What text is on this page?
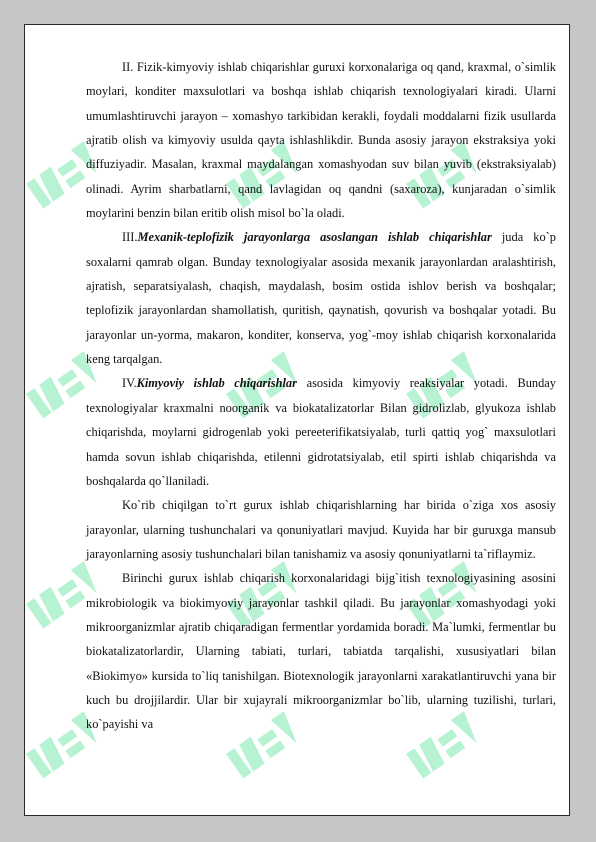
II. Fizik-kimyoviy ishlab chiqarishlar guruxi korxonalariga oq qand, kraxmal, o`simlik moylari, konditer maxsulotlari va boshqa ishlab chiqarish texnologiyalari kiradi. Ularni umumlashtiruvchi jarayon – xomashyo tarkibidan kerakli, foydali moddalarni fizik usullarda ajratib olish va kimyoviy usulda qayta ishlashlikdir. Bunda asosiy jarayon ekstraksiya yoki diffuziyadir. Masalan, kraxmal maydalangan xomashyodan suv bilan yuvib (ekstraksiyalab) olinadi. Ayrim sharbatlarni, qand lavlagidan oq qandni (saxaroza), kunjaradan o`simlik moylarini benzin bilan eritib olish misol bo`la oladi.

III.Mexanik-teplofizik jarayonlarga asoslangan ishlab chiqarishlar juda ko`p soxalarni qamrab olgan. Bunday texnologiyalar asosida mexanik jarayonlardan aralashtirish, ajratish, separatsiyalash, chaqish, maydalash, bosim ostida ishlov berish va boshqalar; teplofizik jarayonlardan shamollatish, quritish, qaynatish, qovurish va boshqalar yotadi. Bu jarayonlar un-yorma, makaron, konditer, konserva, yog`-moy ishlab chiqarish korxonalarida keng tarqalgan.

IV.Kimyoviy ishlab chiqarishlar asosida kimyoviy reaksiyalar yotadi. Bunday texnologiyalar kraxmalni noorganik va biokatalizatorlar Bilan gidrolizlab, glyukoza ishlab chiqarishda, moylarni gidrogenlab yoki pereeterifikatsiyalab, turli qattiq yog` maxsulotlari hamda sovun ishlab chiqarishda, etilenni gidrotatsiyalab, etil spirti ishlab chiqarishda va boshqalarda qo`llaniladi.

Ko`rib chiqilgan to`rt gurux ishlab chiqarishlarning har birida o`ziga xos asosiy jarayonlar, ularning tushunchalari va qonuniyatlari mavjud. Kuyida har bir guruxga mansub jarayonlarning asosiy tushunchalari bilan tanishamiz va asosiy qonuniyatlarni ta`riflaymiz.

Birinchi gurux ishlab chiqarish korxonalaridagi bijg`itish texnologiyasining asosini mikrobiologik va biokimyoviy jarayonlar tashkil qiladi. Bu jarayonlar xomashyodagi yoki mikroorganizmlar ajratib chiqaradigan fermentlar yordamida boradi. Ma`lumki, fermentlar bu biokatalizatorlardir, Ularning tabiati, turlari, tabiatda tarqalishi, xususiyatlari bilan «Biokimyo» kursida to`liq tanishilgan. Biotexnologik jarayonlarni xarakatlantiruvchi yana bir kuch bu drojjilardir. Ular bir xujayrali mikroorganizmlar bo`lib, ularning tuzilishi, turlari, ko`payishi va
